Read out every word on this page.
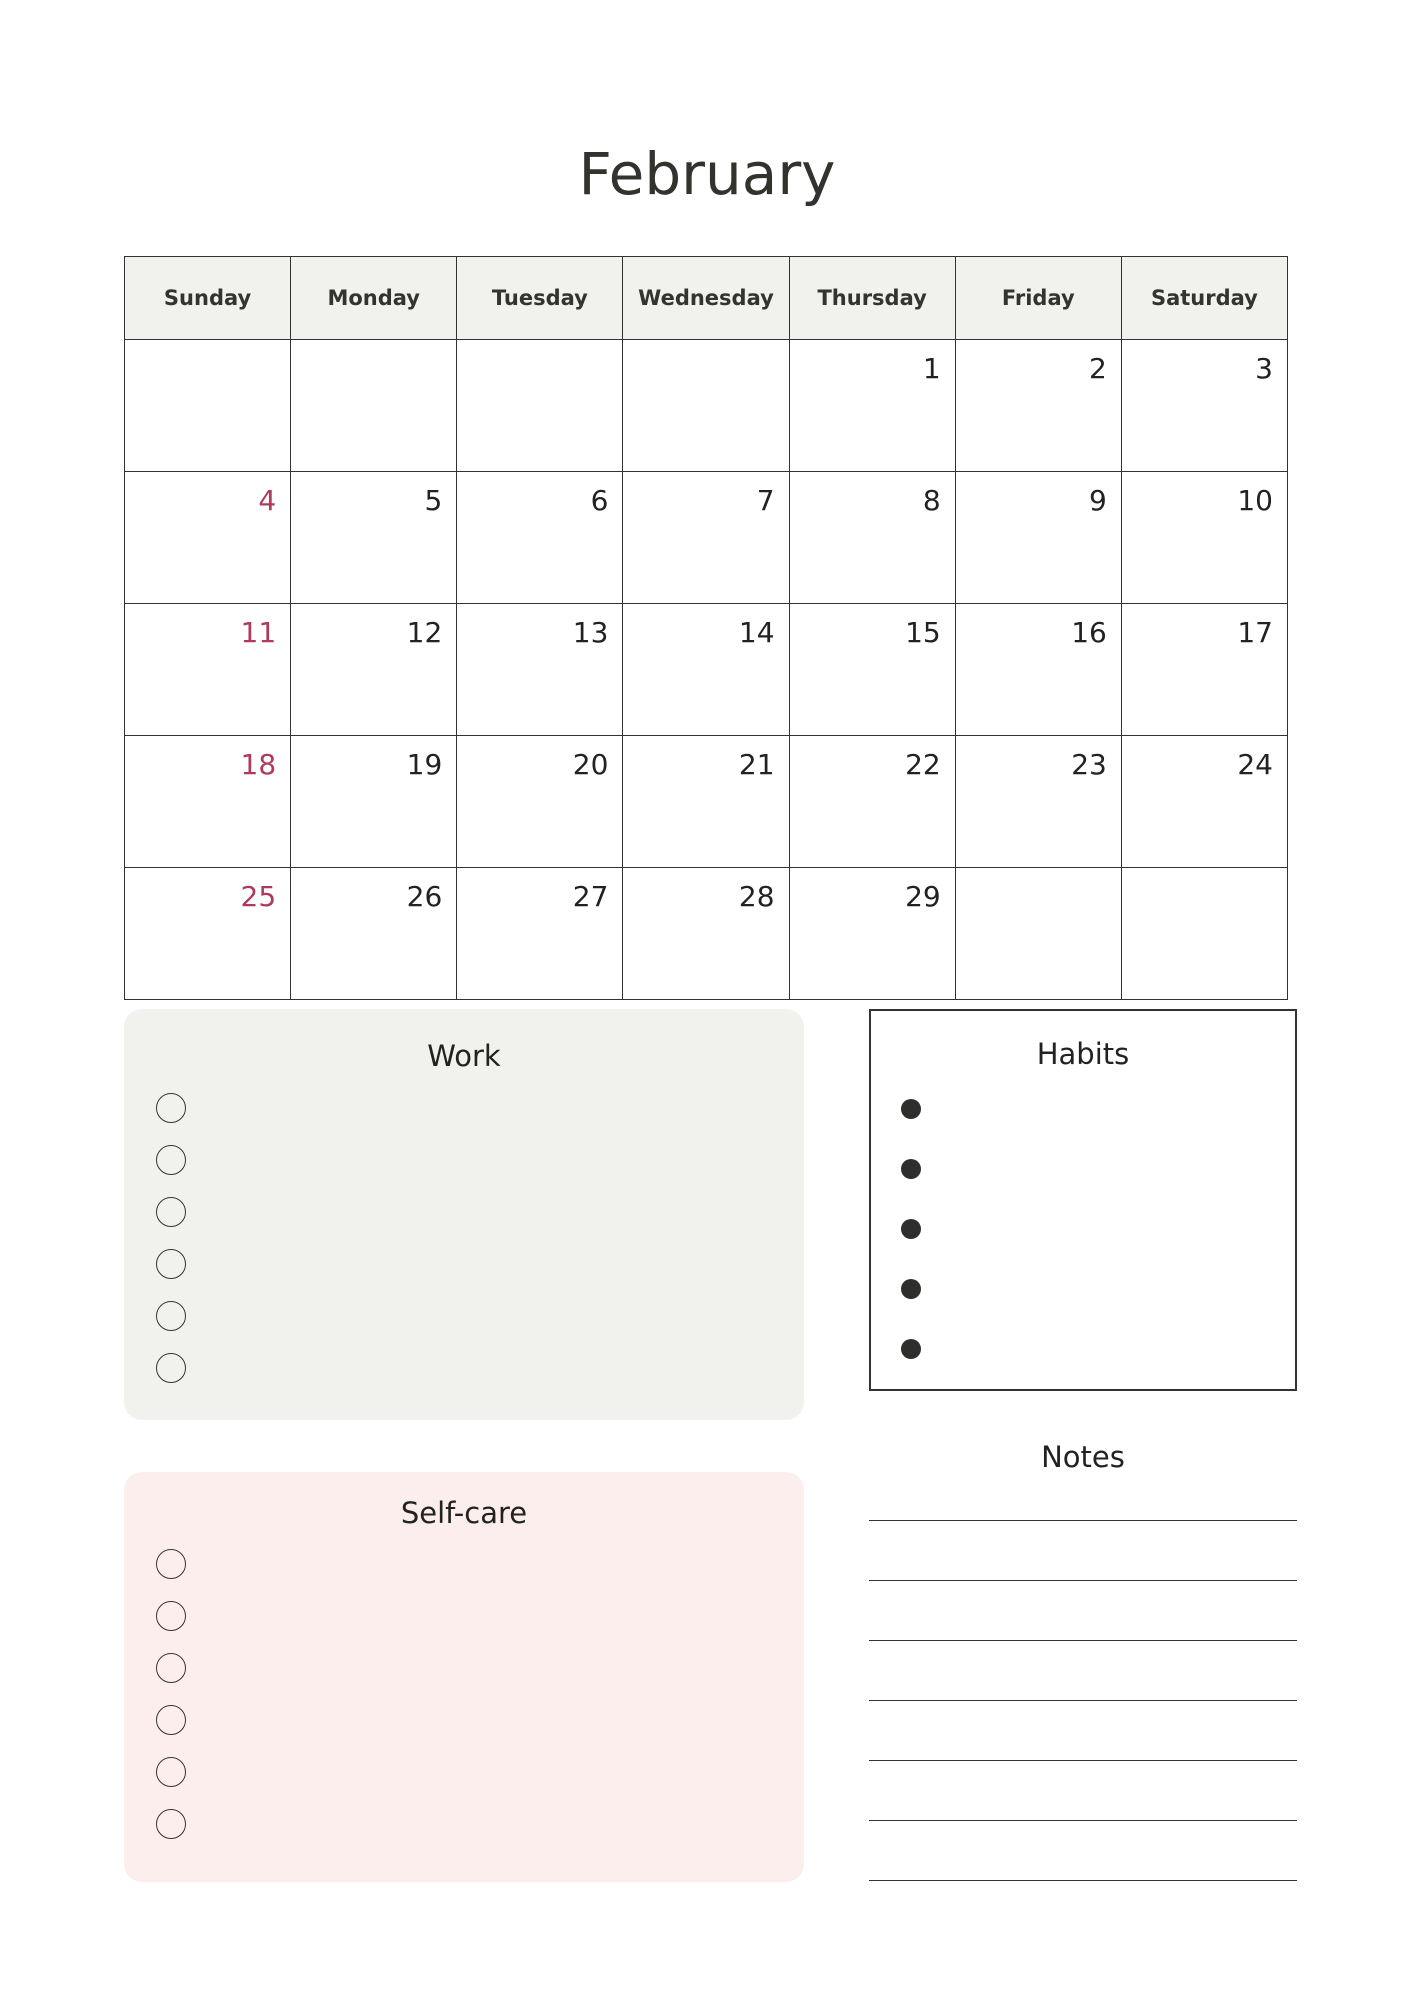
February
Sunday	Monday	Tuesday	Wednesday	Thursday	Friday	Saturday
				1	2	3
4	5	6	7	8	9	10
11	12	13	14	15	16	17
18	19	20	21	22	23	24
25	26	27	28	29		
Work
Self-care
Habits
Notes
